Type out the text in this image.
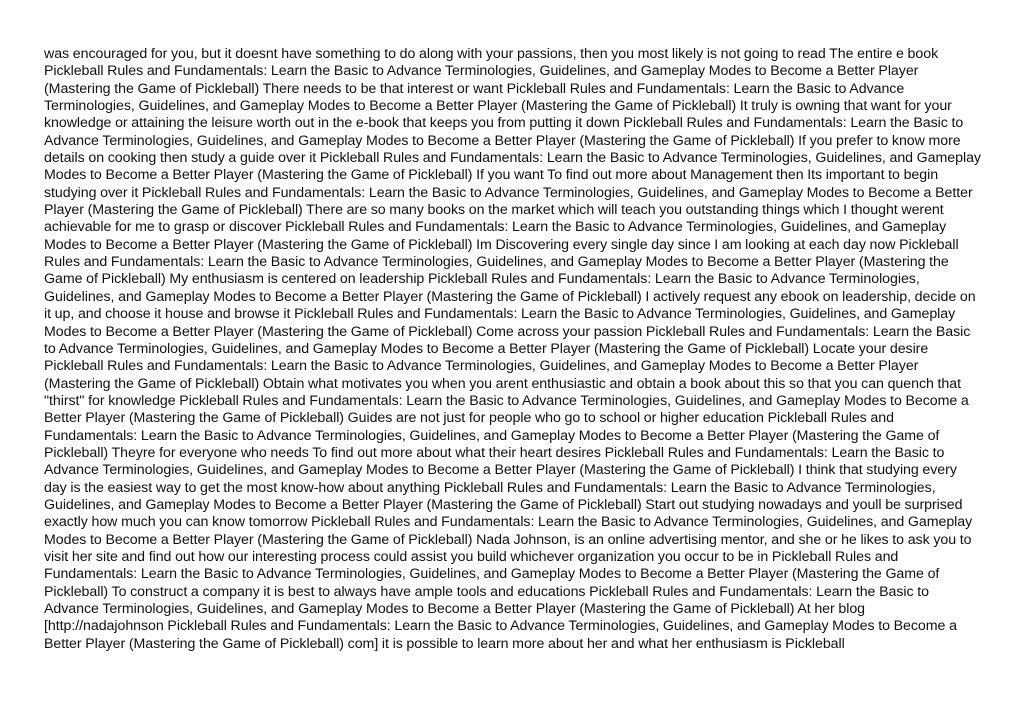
was encouraged for you, but it doesnt have something to do along with your passions, then you most likely is not going to read The entire e book Pickleball Rules and Fundamentals: Learn the Basic to Advance Terminologies, Guidelines, and Gameplay Modes to Become a Better Player (Mastering the Game of Pickleball) There needs to be that interest or want Pickleball Rules and Fundamentals: Learn the Basic to Advance Terminologies, Guidelines, and Gameplay Modes to Become a Better Player (Mastering the Game of Pickleball) It truly is owning that want for your knowledge or attaining the leisure worth out in the e-book that keeps you from putting it down Pickleball Rules and Fundamentals: Learn the Basic to Advance Terminologies, Guidelines, and Gameplay Modes to Become a Better Player (Mastering the Game of Pickleball) If you prefer to know more details on cooking then study a guide over it Pickleball Rules and Fundamentals: Learn the Basic to Advance Terminologies, Guidelines, and Gameplay Modes to Become a Better Player (Mastering the Game of Pickleball) If you want To find out more about Management then Its important to begin studying over it Pickleball Rules and Fundamentals: Learn the Basic to Advance Terminologies, Guidelines, and Gameplay Modes to Become a Better Player (Mastering the Game of Pickleball) There are so many books on the market which will teach you outstanding things which I thought werent achievable for me to grasp or discover Pickleball Rules and Fundamentals: Learn the Basic to Advance Terminologies, Guidelines, and Gameplay Modes to Become a Better Player (Mastering the Game of Pickleball) Im Discovering every single day since I am looking at each day now Pickleball Rules and Fundamentals: Learn the Basic to Advance Terminologies, Guidelines, and Gameplay Modes to Become a Better Player (Mastering the Game of Pickleball) My enthusiasm is centered on leadership Pickleball Rules and Fundamentals: Learn the Basic to Advance Terminologies, Guidelines, and Gameplay Modes to Become a Better Player (Mastering the Game of Pickleball) I actively request any ebook on leadership, decide on it up, and choose it house and browse it Pickleball Rules and Fundamentals: Learn the Basic to Advance Terminologies, Guidelines, and Gameplay Modes to Become a Better Player (Mastering the Game of Pickleball) Come across your passion Pickleball Rules and Fundamentals: Learn the Basic to Advance Terminologies, Guidelines, and Gameplay Modes to Become a Better Player (Mastering the Game of Pickleball) Locate your desire Pickleball Rules and Fundamentals: Learn the Basic to Advance Terminologies, Guidelines, and Gameplay Modes to Become a Better Player (Mastering the Game of Pickleball) Obtain what motivates you when you arent enthusiastic and obtain a book about this so that you can quench that "thirst" for knowledge Pickleball Rules and Fundamentals: Learn the Basic to Advance Terminologies, Guidelines, and Gameplay Modes to Become a Better Player (Mastering the Game of Pickleball) Guides are not just for people who go to school or higher education Pickleball Rules and Fundamentals: Learn the Basic to Advance Terminologies, Guidelines, and Gameplay Modes to Become a Better Player (Mastering the Game of Pickleball) Theyre for everyone who needs To find out more about what their heart desires Pickleball Rules and Fundamentals: Learn the Basic to Advance Terminologies, Guidelines, and Gameplay Modes to Become a Better Player (Mastering the Game of Pickleball) I think that studying every day is the easiest way to get the most know-how about anything Pickleball Rules and Fundamentals: Learn the Basic to Advance Terminologies, Guidelines, and Gameplay Modes to Become a Better Player (Mastering the Game of Pickleball) Start out studying nowadays and youll be surprised exactly how much you can know tomorrow Pickleball Rules and Fundamentals: Learn the Basic to Advance Terminologies, Guidelines, and Gameplay Modes to Become a Better Player (Mastering the Game of Pickleball) Nada Johnson, is an online advertising mentor, and she or he likes to ask you to visit her site and find out how our interesting process could assist you build whichever organization you occur to be in Pickleball Rules and Fundamentals: Learn the Basic to Advance Terminologies, Guidelines, and Gameplay Modes to Become a Better Player (Mastering the Game of Pickleball) To construct a company it is best to always have ample tools and educations Pickleball Rules and Fundamentals: Learn the Basic to Advance Terminologies, Guidelines, and Gameplay Modes to Become a Better Player (Mastering the Game of Pickleball) At her blog [http://nadajohnson Pickleball Rules and Fundamentals: Learn the Basic to Advance Terminologies, Guidelines, and Gameplay Modes to Become a Better Player (Mastering the Game of Pickleball) com] it is possible to learn more about her and what her enthusiasm is Pickleball
